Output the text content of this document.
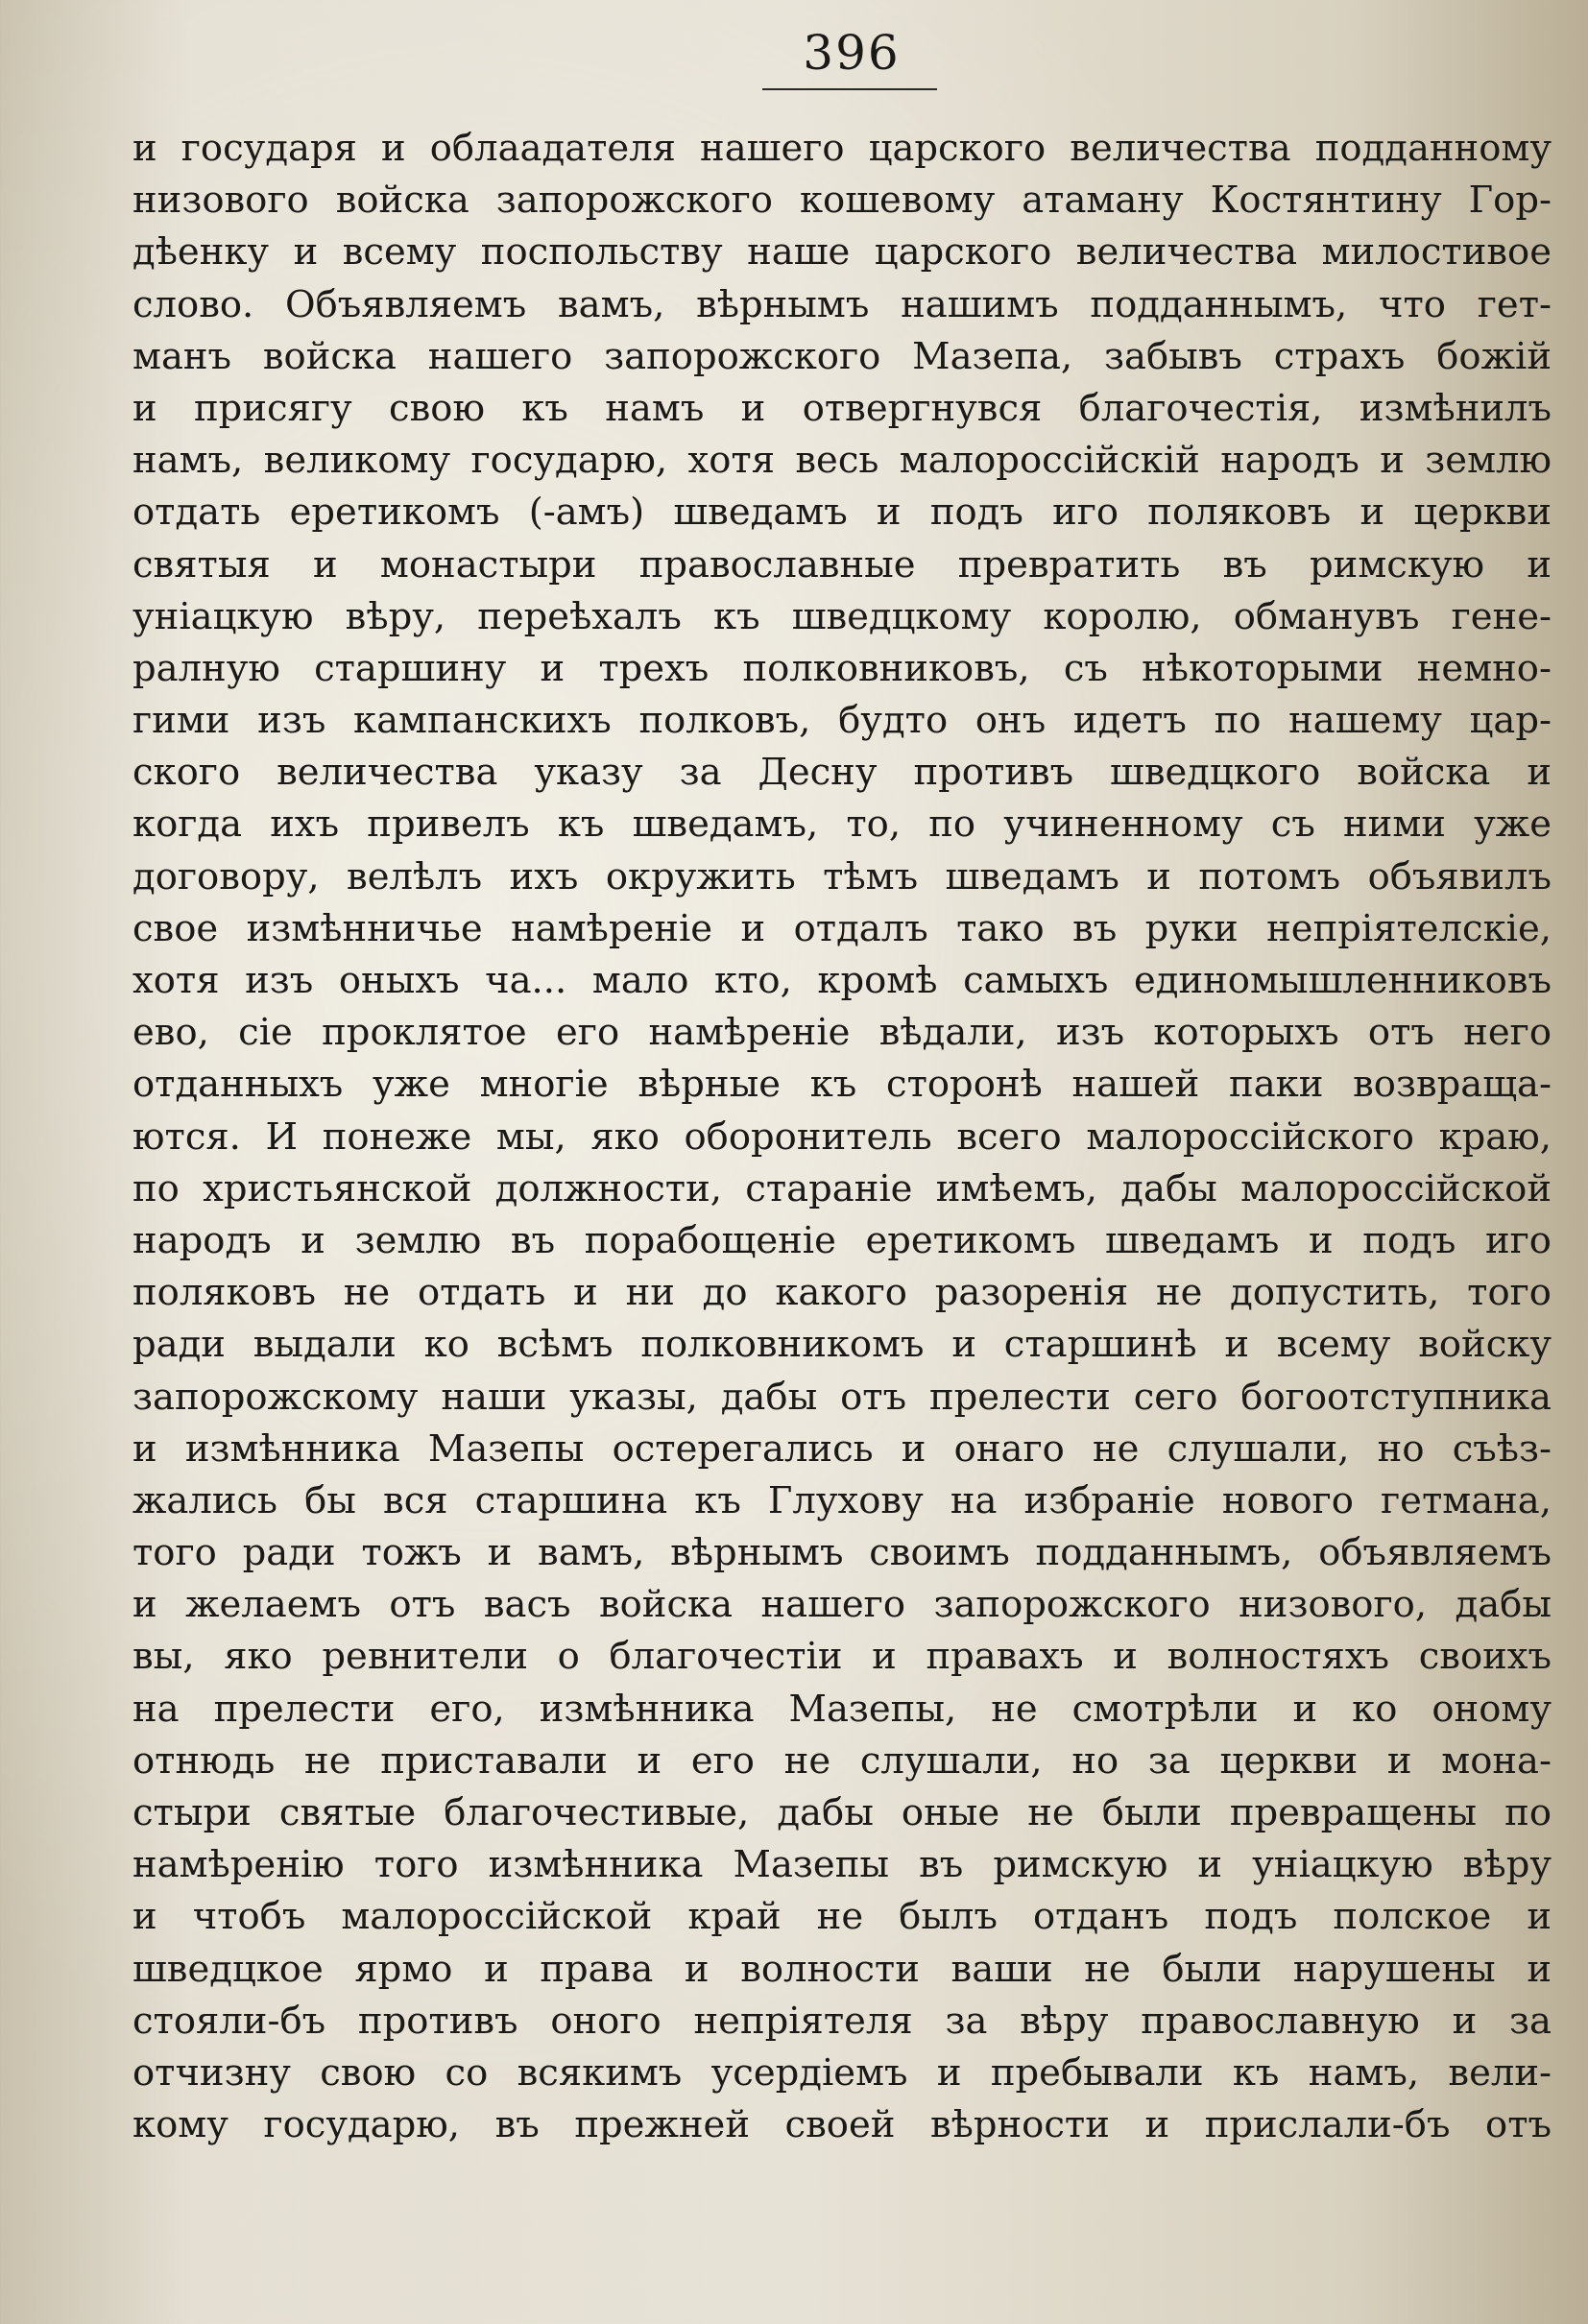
396
и государя и облаадателя нашего царского величества подданному
низового войска запорожского кошевому атаману Костянтину Гор-
дѣенку и всему поспольству наше царского величества милостивое
слово. Объявляемъ вамъ, вѣрнымъ нашимъ подданнымъ, что гет-
манъ войска нашего запорожского Мазепа, забывъ страхъ божій
и присягу свою къ намъ и отвергнувся благочестія, измѣнилъ
намъ, великому государю, хотя весь малороссійскій народъ и землю
отдать еретикомъ (-амъ) шведамъ и подъ иго поляковъ и церкви
святыя и монастыри православные превратить въ римскую и
уніацкую вѣру, переѣхалъ къ шведцкому королю, обманувъ гене-
ралную старшину и трехъ полковниковъ, съ нѣкоторыми немно-
гими изъ кампанскихъ полковъ, будто онъ идетъ по нашему цар-
ского величества указу за Десну противъ шведцкого войска и
когда ихъ привелъ къ шведамъ, то, по учиненному съ ними уже
договору, велѣлъ ихъ окружить тѣмъ шведамъ и потомъ объявилъ
свое измѣнничье намѣреніе и отдалъ тако въ руки непріятелскіе,
хотя изъ оныхъ ча... мало кто, кромѣ самыхъ единомышленниковъ
ево, сіе проклятое его намѣреніе вѣдали, изъ которыхъ отъ него
отданныхъ уже многіе вѣрные къ сторонѣ нашей паки возвраща-
ются. И понеже мы, яко оборонитель всего малороссійского краю,
по христьянской должности, стараніе имѣемъ, дабы малороссійской
народъ и землю въ порабощеніе еретикомъ шведамъ и подъ иго
поляковъ не отдать и ни до какого разоренія не допустить, того
ради выдали ко всѣмъ полковникомъ и старшинѣ и всему войску
запорожскому наши указы, дабы отъ прелести сего богоотступника
и измѣнника Мазепы остерегались и онаго не слушали, но съѣз-
жались бы вся старшина къ Глухову на избраніе нового гетмана,
того ради тожъ и вамъ, вѣрнымъ своимъ подданнымъ, объявляемъ
и желаемъ отъ васъ войска нашего запорожского низового, дабы
вы, яко ревнители о благочестіи и правахъ и волностяхъ своихъ
на прелести его, измѣнника Мазепы, не смотрѣли и ко оному
отнюдь не приставали и его не слушали, но за церкви и мона-
стыри святые благочестивые, дабы оные не были превращены по
намѣренію того измѣнника Мазепы въ римскую и уніацкую вѣру
и чтобъ малороссійской край не былъ отданъ подъ полское и
шведцкое ярмо и права и волности ваши не были нарушены и
стояли-бъ противъ оного непріятеля за вѣру православную и за
отчизну свою со всякимъ усердіемъ и пребывали къ намъ, вели-
кому государю, въ прежней своей вѣрности и прислали-бъ отъ
